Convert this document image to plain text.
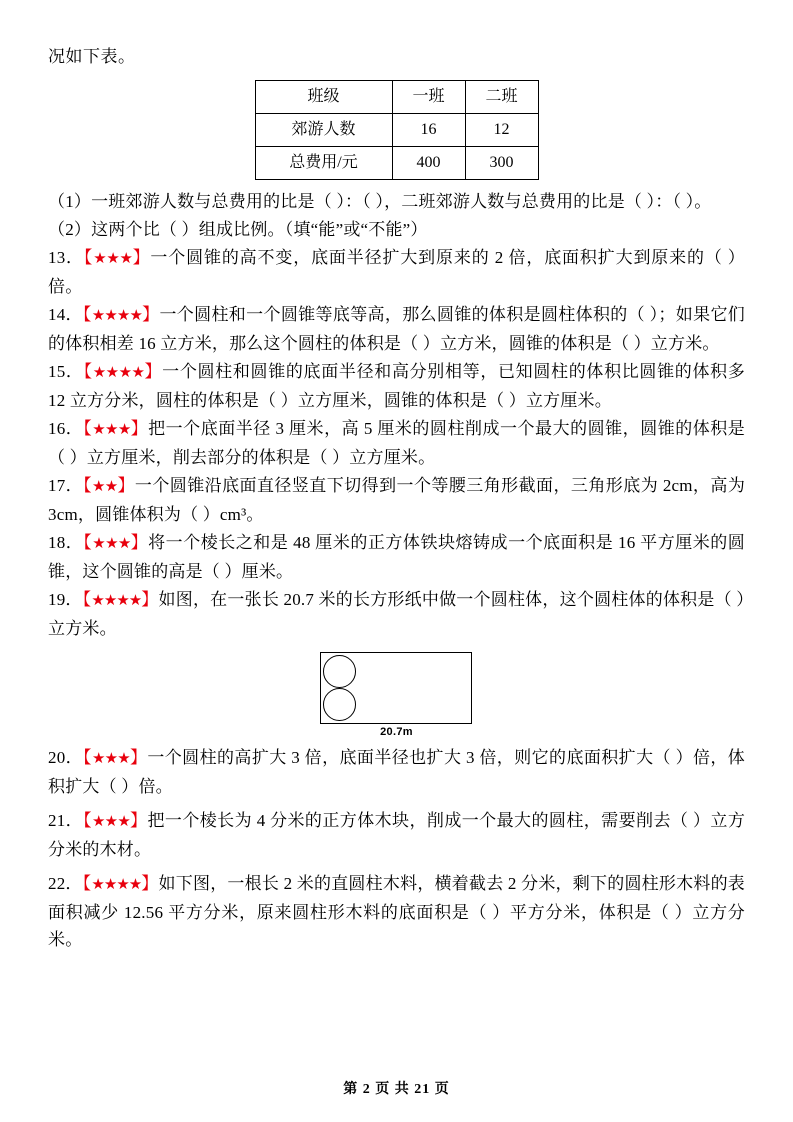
况如下表。

班级	一班	二班
郊游人数	16	12
总费用/元	400	300

（1）一班郊游人数与总费用的比是（ ）：（ ），二班郊游人数与总费用的比是（ ）：（ ）。

（2）这两个比（ ）组成比例。（填“能”或“不能”）

13．【★★★】一个圆锥的高不变，底面半径扩大到原来的 2 倍，底面积扩大到原来的（ ）倍。

14．【★★★★】一个圆柱和一个圆锥等底等高，那么圆锥的体积是圆柱体积的（ ）；如果它们的体积相差 16 立方米，那么这个圆柱的体积是（ ）立方米，圆锥的体积是（ ）立方米。

15．【★★★★】一个圆柱和圆锥的底面半径和高分别相等，已知圆柱的体积比圆锥的体积多 12 立方分米，圆柱的体积是（ ）立方厘米，圆锥的体积是（ ）立方厘米。

16．【★★★】把一个底面半径 3 厘米，高 5 厘米的圆柱削成一个最大的圆锥，圆锥的体积是（ ）立方厘米，削去部分的体积是（ ）立方厘米。

17．【★★】一个圆锥沿底面直径竖直下切得到一个等腰三角形截面，三角形底为 2cm，高为 3cm，圆锥体积为（ ）cm³。

18．【★★★】将一个棱长之和是 48 厘米的正方体铁块熔铸成一个底面积是 16 平方厘米的圆锥，这个圆锥的高是（ ）厘米。

19．【★★★★】如图，在一张长 20.7 米的长方形纸中做一个圆柱体，这个圆柱体的体积是（ ）立方米。

20.7m

20．【★★★】一个圆柱的高扩大 3 倍，底面半径也扩大 3 倍，则它的底面积扩大（ ）倍，体积扩大（ ）倍。

21．【★★★】把一个棱长为 4 分米的正方体木块，削成一个最大的圆柱，需要削去（ ）立方分米的木材。

22．【★★★★】如下图，一根长 2 米的直圆柱木料，横着截去 2 分米，剩下的圆柱形木料的表面积减少 12.56 平方分米，原来圆柱形木料的底面积是（ ）平方分米，体积是（ ）立方分米。

第 2 页 共 21 页
